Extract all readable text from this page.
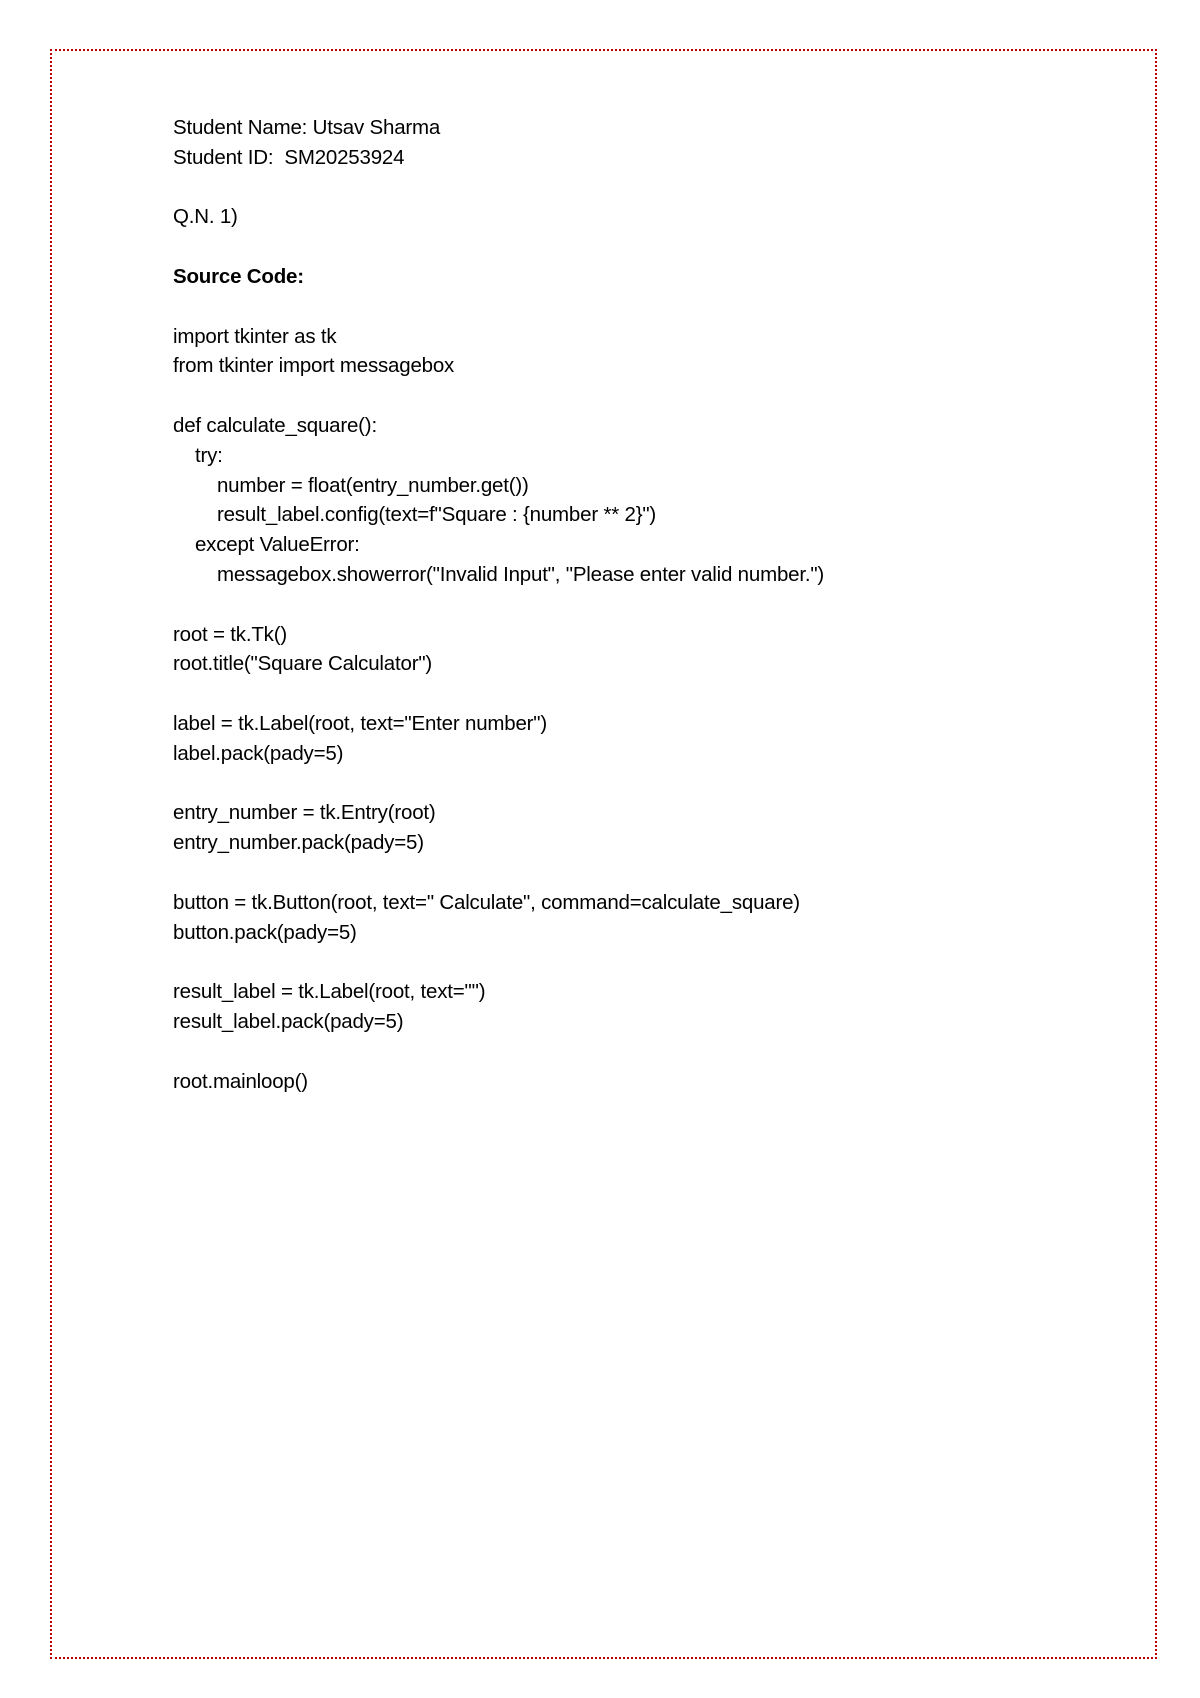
Student Name: Utsav Sharma
Student ID:  SM20253924
Q.N. 1)
Source Code:
import tkinter as tk
from tkinter import messagebox
def calculate_square():
try:
number = float(entry_number.get())
result_label.config(text=f"Square : {number ** 2}")
except ValueError:
messagebox.showerror("Invalid Input", "Please enter valid number.")
root = tk.Tk()
root.title("Square Calculator")
label = tk.Label(root, text="Enter number")
label.pack(pady=5)
entry_number = tk.Entry(root)
entry_number.pack(pady=5)
button = tk.Button(root, text=" Calculate", command=calculate_square)
button.pack(pady=5)
result_label = tk.Label(root, text="")
result_label.pack(pady=5)
root.mainloop()
